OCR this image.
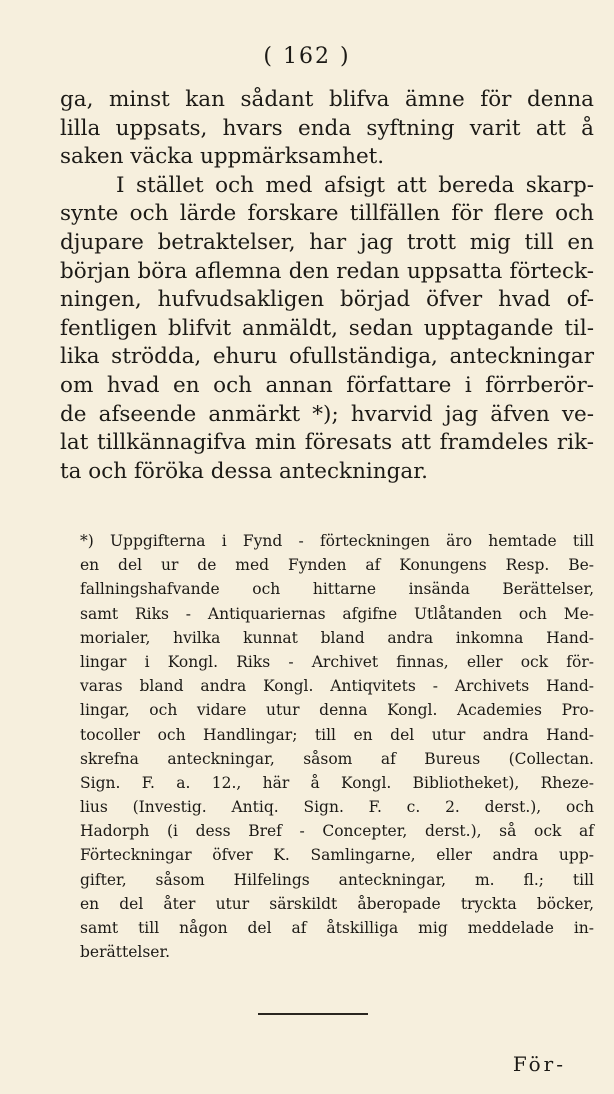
( 162 )
ga, minst kan sådant blifva ämne för denna
lilla uppsats, hvars enda syftning varit att å
saken väcka uppmärksamhet.
I stället och med afsigt att bereda skarp-
synte och lärde forskare tillfällen för flere och
djupare betraktelser, har jag trott mig till en
början böra aflemna den redan uppsatta förteck-
ningen, hufvudsakligen börjad öfver hvad of-
fentligen blifvit anmäldt, sedan upptagande til-
lika strödda, ehuru ofullständiga, anteckningar
om hvad en och annan författare i förrberör-
de afseende anmärkt *); hvarvid jag äfven ve-
lat tillkännagifva min föresats att framdeles rik-
ta och föröka dessa anteckningar.
*) Uppgifterna i Fynd - förteckningen äro hemtade till
en del ur de med Fynden af Konungens Resp. Be-
fallningshafvande och hittarne insända Berättelser,
samt Riks - Antiquariernas afgifne Utlåtanden och Me-
morialer, hvilka kunnat bland andra inkomna Hand-
lingar i Kongl. Riks - Archivet finnas, eller ock för-
varas bland andra Kongl. Antiqvitets - Archivets Hand-
lingar, och vidare utur denna Kongl. Academies Pro-
tocoller och Handlingar; till en del utur andra Hand-
skrefna anteckningar, såsom af Bureus (Collectan.
Sign. F. a. 12., här å Kongl. Bibliotheket), Rheze-
lius (Investig. Antiq. Sign. F. c. 2. derst.), och
Hadorph (i dess Bref - Concepter, derst.), så ock af
Förteckningar öfver K. Samlingarne, eller andra upp-
gifter, såsom Hilfelings anteckningar, m. fl.; till
en del åter utur särskildt åberopade tryckta böcker,
samt till någon del af åtskilliga mig meddelade in-
berättelser.
För-
